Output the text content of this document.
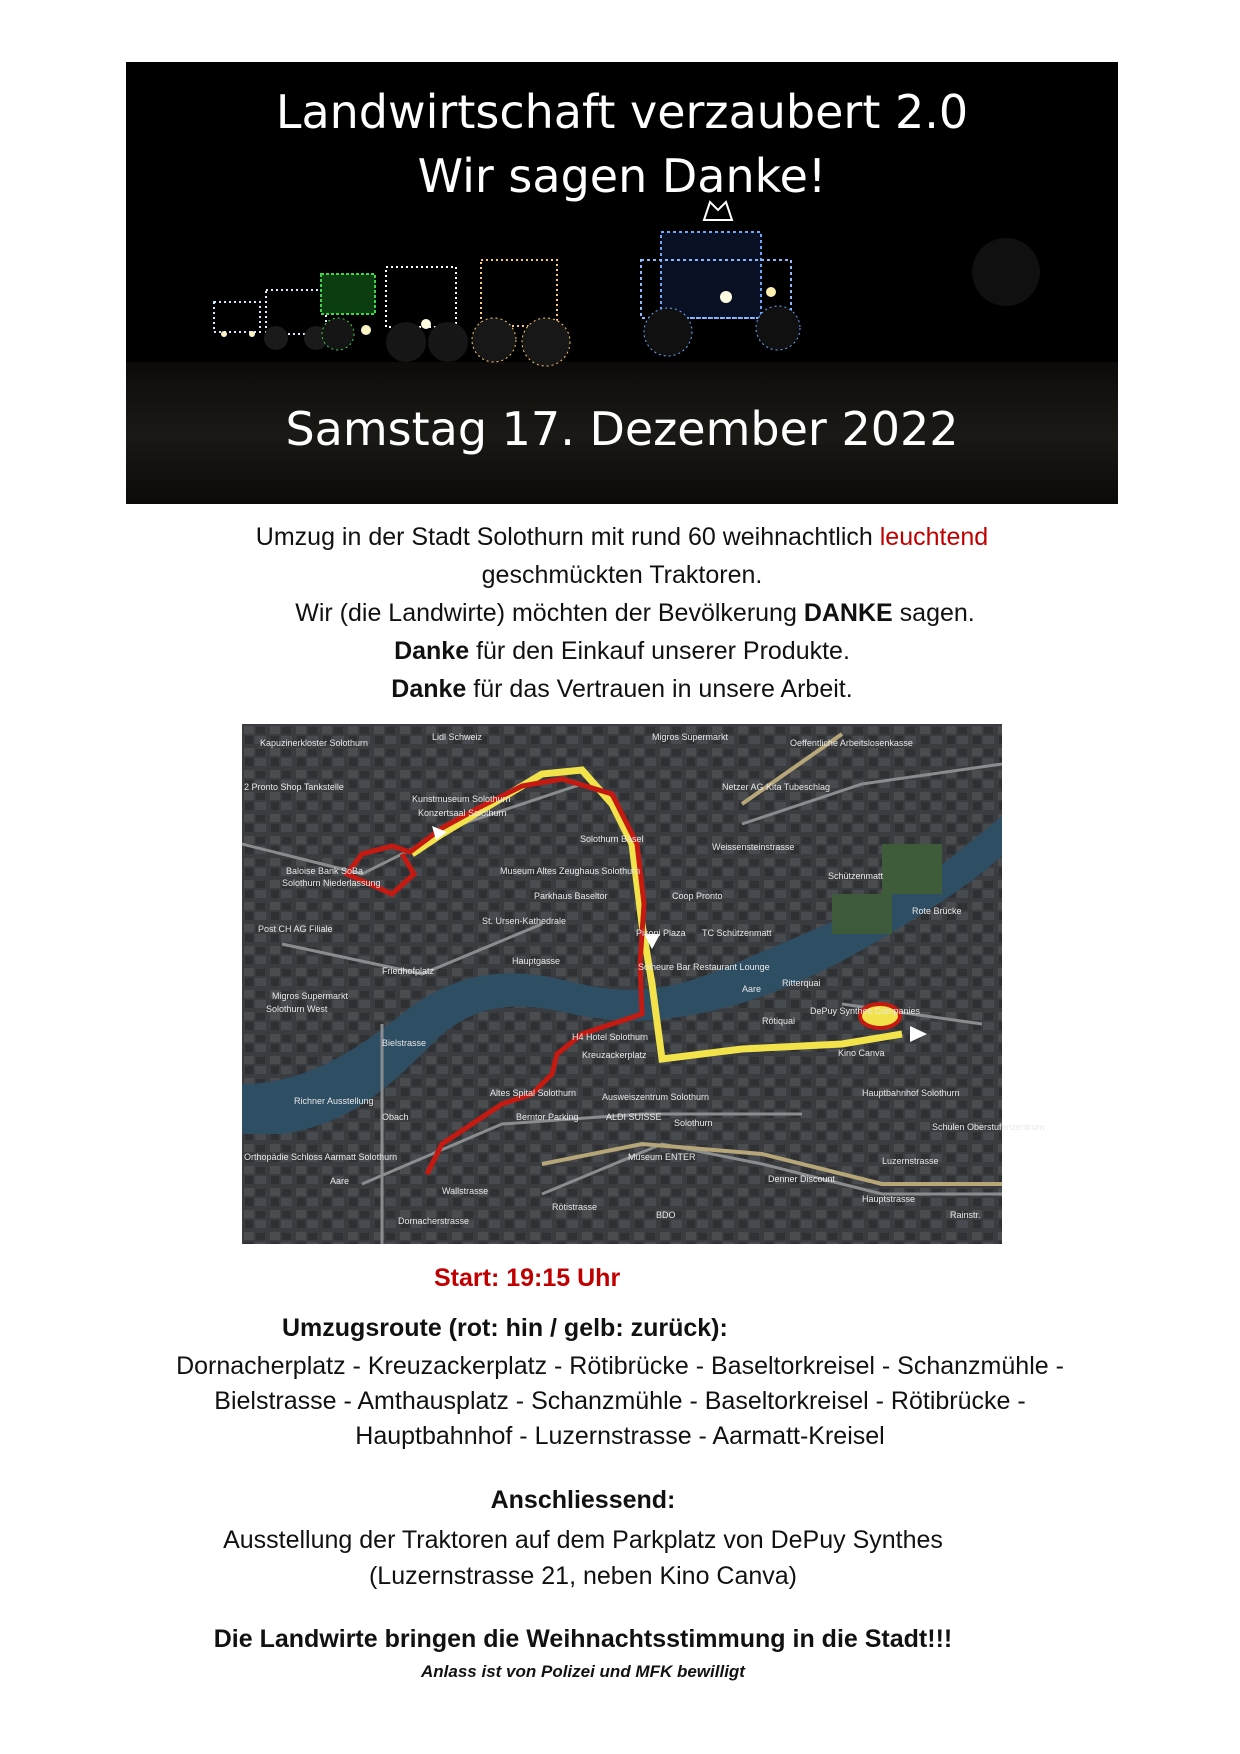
Landwirtschaft verzaubert 2.0
Wir sagen Danke!
Samstag 17. Dezember 2022

Umzug in der Stadt Solothurn mit rund 60 weihnachtlich leuchtend

geschmückten Traktoren.

Wir (die Landwirte) möchten der Bevölkerung DANKE sagen.

Danke für den Einkauf unserer Produkte.

Danke für das Vertrauen in unsere Arbeit.

Kapuzinerkloster Solothurn
Lidl Schweiz	Migros Supermarkt
Oeffentliche Arbeitslosenkasse
2 Pronto Shop Tankstelle
Kunstmuseum Solothurn
Konzertsaal Solothurn
Netzer AG Kita Tubeschlag
Solothurn Basel
Baloise Bank SoBa
Solothurn Niederlassung
Museum Altes Zeughaus Solothurn
Parkhaus Baseltor	Coop Pronto
Schützenmatt
Rote Brücke
Post CH AG Filiale
St. Ursen-Kathedrale
Pisoni Plaza TC Schützenmatt
Friedhofplatz
Hauptgasse
Solheure Bar Restaurant Lounge
Ritterquai
Migros Supermarkt
Solothurn West
Aare
DePuy Synthes Companies
Rötiquai
H4 Hotel Solothurn
Kreuzackerplatz	Kino Canva
Richner Ausstellung
Altes Spital Solothurn	Ausweiszentrum Solothurn	Hauptbahnhof Solothurn
Obach	Berntor Parking	ALDI SUISSE
Solothurn
Orthopädie Schloss Aarmatt Solothurn
Schulen Oberstufenzentrum
Museum ENTER
Denner Discount
Aare
Hauptstrasse
Rötistrasse
Weissensteinstrasse
Bielstrasse
Dornacherstrasse
Wallstrasse
Luzernstrasse
BDO	Rainstr.
Start: 19:15 Uhr
Umzugsroute (rot: hin / gelb: zurück):

Dornacherplatz - Kreuzackerplatz - Rötibrücke - Baseltorkreisel - Schanzmühle -

Bielstrasse - Amthausplatz - Schanzmühle - Baseltorkreisel - Rötibrücke -

Hauptbahnhof - Luzernstrasse - Aarmatt-Kreisel

Anschliessend:

Ausstellung der Traktoren auf dem Parkplatz von DePuy Synthes

(Luzernstrasse 21, neben Kino Canva)

Die Landwirte bringen die Weihnachtsstimmung in die Stadt!!!
Anlass ist von Polizei und MFK bewilligt
